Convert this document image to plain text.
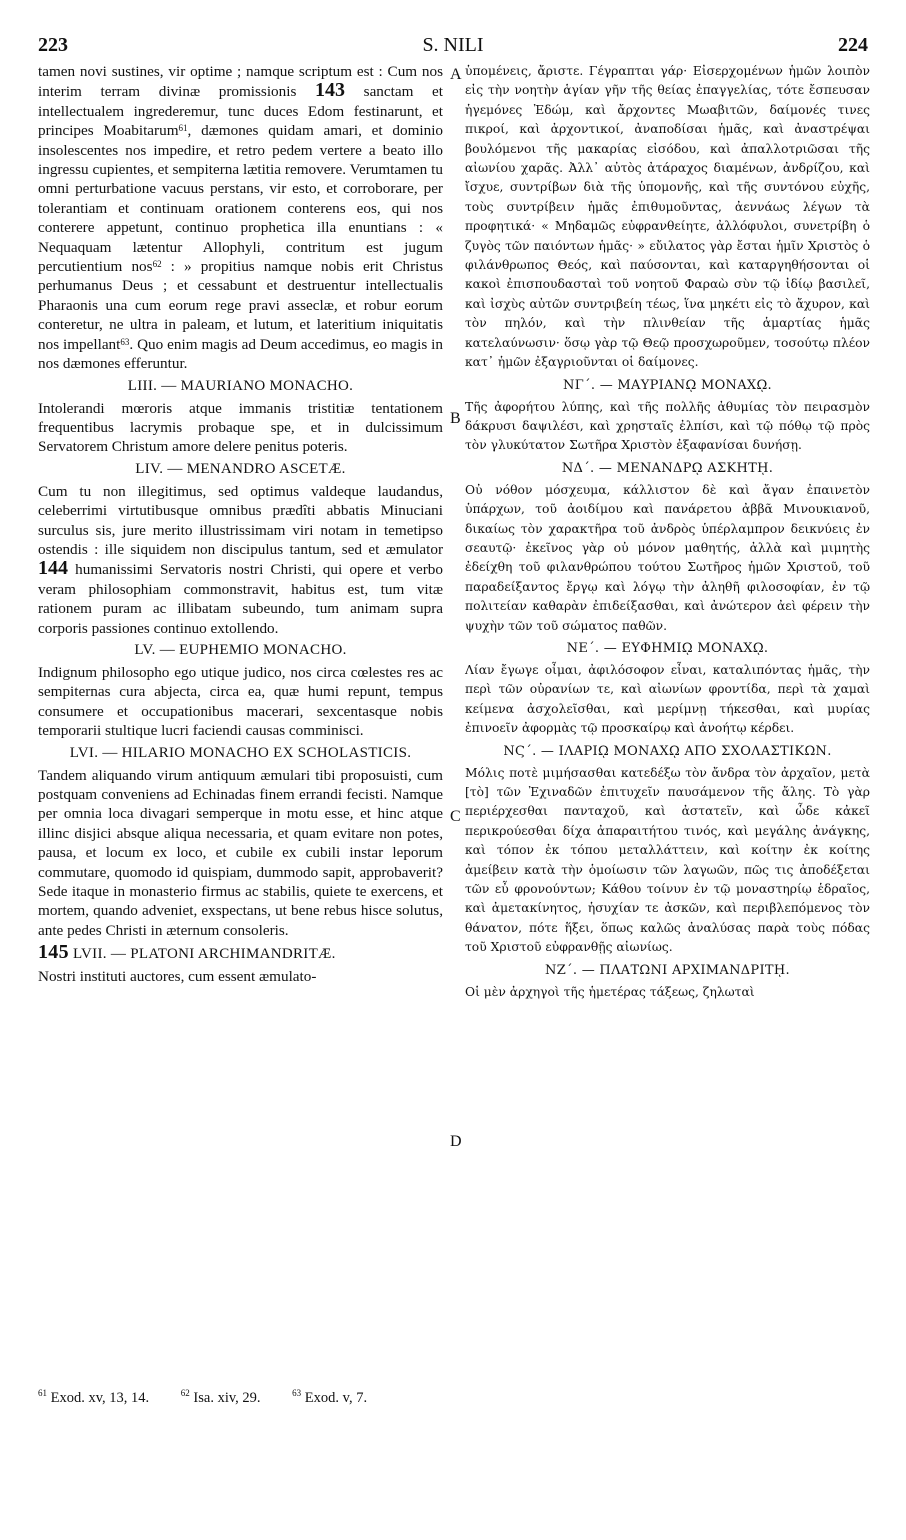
223	S. NILI	224
A
B
C
D

tamen novi sustines, vir optime ; namque scriptum est : Cum nos interim terram divinæ promissionis 143 sanctam et intellectualem ingrederemur, tunc duces Edom festinarunt, et principes Moabitarum$^{61}$, dæmones quidam amari, et dominio insolescentes nos impedire, et retro pedem vertere a beato illo ingressu cupientes, et sempiterna lætitia removere. Verumtamen tu omni perturbatione vacuus perstans, vir esto, et corroborare, per tolerantiam et continuam orationem conterens eos, qui nos conterere appetunt, continuo prophetica illa enuntians : « Nequaquam lætentur Allophyli, contritum est jugum percutientium nos$^{62}$ : » propitius namque nobis erit Christus perhumanus Deus ; et cessabunt et destruentur intellectualis Pharaonis una cum eorum rege pravi asseclæ, et robur eorum conteretur, ne ultra in paleam, et lutum, et lateritium iniquitatis nos impellant$^{63}$. Quo enim magis ad Deum accedimus, eo magis in nos dæmones efferuntur.

LIII. — MAURIANO MONACHO.

Intolerandi mœroris atque immanis tristitiæ tentationem frequentibus lacrymis probaque spe, et in dulcissimum Servatorem Christum amore delere penitus poteris.

LIV. — MENANDRO ASCETÆ.

Cum tu non illegitimus, sed optimus valdeque laudandus, celeberrimi virtutibusque omnibus prædîti abbatis Minuciani surculus sis, jure merito illustrissimam viri notam in temetipso ostendis : ille siquidem non discipulus tantum, sed et æmulator 144 humanissimi Servatoris nostri Christi, qui opere et verbo veram philosophiam commonstravit, habitus est, tum vitæ rationem puram ac illibatam subeundo, tum animam supra corporis passiones continuo extollendo.

LV. — EUPHEMIO MONACHO.

Indignum philosopho ego utique judico, nos circa cœlestes res ac sempiternas cura abjecta, circa ea, quæ humi repunt, tempus consumere et occupationibus macerari, sexcentasque nobis temporarii stultique lucri faciendi causas comminisci.

LVI. — HILARIO MONACHO EX SCHOLASTICIS.

Tandem aliquando virum antiquum æmulari tibi proposuisti, cum postquam conveniens ad Echinadas finem errandi fecisti. Namque per omnia loca divagari semperque in motu esse, et hinc atque illinc disjici absque aliqua necessaria, et quam evitare non potes, pausa, et locum ex loco, et cubile ex cubili instar leporum commutare, quomodo id quispiam, dummodo sapit, approbaverit? Sede itaque in monasterio firmus ac stabilis, quiete te exercens, et mortem, quando adveniet, exspectans, ut bene rebus hisce solutus, ante pedes Christi in æternum consoleris.

145 LVII. — PLATONI ARCHIMANDRITÆ.

Nostri instituti auctores, cum essent æmulato-

ὑπομένεις, ἄριστε. Γέγραπται γάρ· Εἰσερχομένων ἡμῶν λοιπὸν εἰς τὴν νοητὴν ἁγίαν γῆν τῆς θείας ἐπαγγελίας, τότε ἔσπευσαν ἡγεμόνες Ἐδώμ, καὶ ἄρχοντες Μωαβιτῶν, δαίμονές τινες πικροί, καὶ ἀρχοντικοί, ἀναποδίσαι ἡμᾶς, καὶ ἀναστρέψαι βουλόμενοι τῆς μακαρίας εἰσόδου, καὶ ἀπαλλοτριῶσαι τῆς αἰωνίου χαρᾶς. Ἀλλ᾽ αὐτὸς ἀτάραχος διαμένων, ἀνδρίζου, καὶ ἴσχυε, συντρίβων διὰ τῆς ὑπομονῆς, καὶ τῆς συντόνου εὐχῆς, τοὺς συντρίβειν ἡμᾶς ἐπιθυμοῦντας, ἀεννάως λέγων τὰ προφητικά· « Μηδαμῶς εὐφρανθείητε, ἀλλόφυλοι, συνετρίβη ὁ ζυγὸς τῶν παιόντων ἡμᾶς· » εὔιλατος γὰρ ἔσται ἡμῖν Χριστὸς ὁ φιλάνθρωπος Θεός, καὶ παύσονται, καὶ καταργηθήσονται οἱ κακοὶ ἐπισπουδασταὶ τοῦ νοητοῦ Φαραὼ σὺν τῷ ἰδίῳ βασιλεῖ, καὶ ἰσχὺς αὐτῶν συντριβείη τέως, ἵνα μηκέτι εἰς τὸ ἄχυρον, καὶ τὸν πηλόν, καὶ τὴν πλινθείαν τῆς ἁμαρτίας ἡμᾶς κατελαύνωσιν· ὅσῳ γὰρ τῷ Θεῷ προσχωροῦμεν, τοσούτῳ πλέον κατ᾽ ἡμῶν ἐξαγριοῦνται οἱ δαίμονες.

ΝΓ΄. — ΜΑΥΡΙΑΝῼ ΜΟΝΑΧῼ.

Τῆς ἀφορήτου λύπης, καὶ τῆς πολλῆς ἀθυμίας τὸν πειρασμὸν δάκρυσι δαψιλέσι, καὶ χρησταῖς ἐλπίσι, καὶ τῷ πόθῳ τῷ πρὸς τὸν γλυκύτατον Σωτῆρα Χριστὸν ἐξαφανίσαι δυνήσῃ.

ΝΔ΄. — ΜΕΝΑΝΔΡῼ ΑΣΚΗΤῌ.

Οὐ νόθον μόσχευμα, κάλλιστον δὲ καὶ ἄγαν ἐπαινετὸν ὑπάρχων, τοῦ ἀοιδίμου καὶ πανάρετου ἀββᾶ Μινουκιανοῦ, δικαίως τὸν χαρακτῆρα τοῦ ἀνδρὸς ὑπέρλαμπρον δεικνύεις ἐν σεαυτῷ· ἐκεῖνος γὰρ οὐ μόνον μαθητής, ἀλλὰ καὶ μιμητὴς ἐδείχθη τοῦ φιλανθρώπου τούτου Σωτῆρος ἡμῶν Χριστοῦ, τοῦ παραδείξαντος ἔργῳ καὶ λόγῳ τὴν ἀληθῆ φιλοσοφίαν, ἐν τῷ πολιτείαν καθαρὰν ἐπιδείξασθαι, καὶ ἀνώτερον ἀεὶ φέρειν τὴν ψυχὴν τῶν τοῦ σώματος παθῶν.

ΝΕ΄. — ΕΥΦΗΜΙῼ ΜΟΝΑΧῼ.

Λίαν ἔγωγε οἶμαι, ἀφιλόσοφον εἶναι, καταλιπόντας ἡμᾶς, τὴν περὶ τῶν οὐρανίων τε, καὶ αἰωνίων φροντίδα, περὶ τὰ χαμαὶ κείμενα ἀσχολεῖσθαι, καὶ μερίμνῃ τήκεσθαι, καὶ μυρίας ἐπινοεῖν ἀφορμὰς τῷ προσκαίρῳ καὶ ἀνοήτῳ κέρδει.

ΝϚ΄. — ΙΛΑΡΙῼ ΜΟΝΑΧῼ ΑΠΟ ΣΧΟΛΑΣΤΙΚΩΝ.

Μόλις ποτὲ μιμήσασθαι κατεδέξω τὸν ἄνδρα τὸν ἀρχαῖον, μετὰ [τὸ] τῶν Ἐχιναδῶν ἐπιτυχεῖν παυσάμενον τῆς ἄλης. Τὸ γὰρ περιέρχεσθαι πανταχοῦ, καὶ ἀστατεῖν, καὶ ὧδε κἀκεῖ περικρούεσθαι δίχα ἀπαραιτήτου τινός, καὶ μεγάλης ἀνάγκης, καὶ τόπον ἐκ τόπου μεταλλάττειν, καὶ κοίτην ἐκ κοίτης ἀμείβειν κατὰ τὴν ὁμοίωσιν τῶν λαγωῶν, πῶς τις ἀποδέξεται τῶν εὖ φρονούντων; Κάθου τοίνυν ἐν τῷ μοναστηρίῳ ἑδραῖος, καὶ ἀμετακίνητος, ἡσυχίαν τε ἀσκῶν, καὶ περιβλεπόμενος τὸν θάνατον, πότε ἥξει, ὅπως καλῶς ἀναλύσας παρὰ τοὺς πόδας τοῦ Χριστοῦ εὐφρανθῇς αἰωνίως.

ΝΖ΄. — ΠΛΑΤΩΝΙ ΑΡΧΙΜΑΝΔΡΙΤῌ.

Οἱ μὲν ἀρχηγοὶ τῆς ἡμετέρας τάξεως, ζηλωταὶ

$^{61}$ Exod. xv, 13, 14.	$^{62}$ Isa. xiv, 29.	$^{63}$ Exod. v, 7.
